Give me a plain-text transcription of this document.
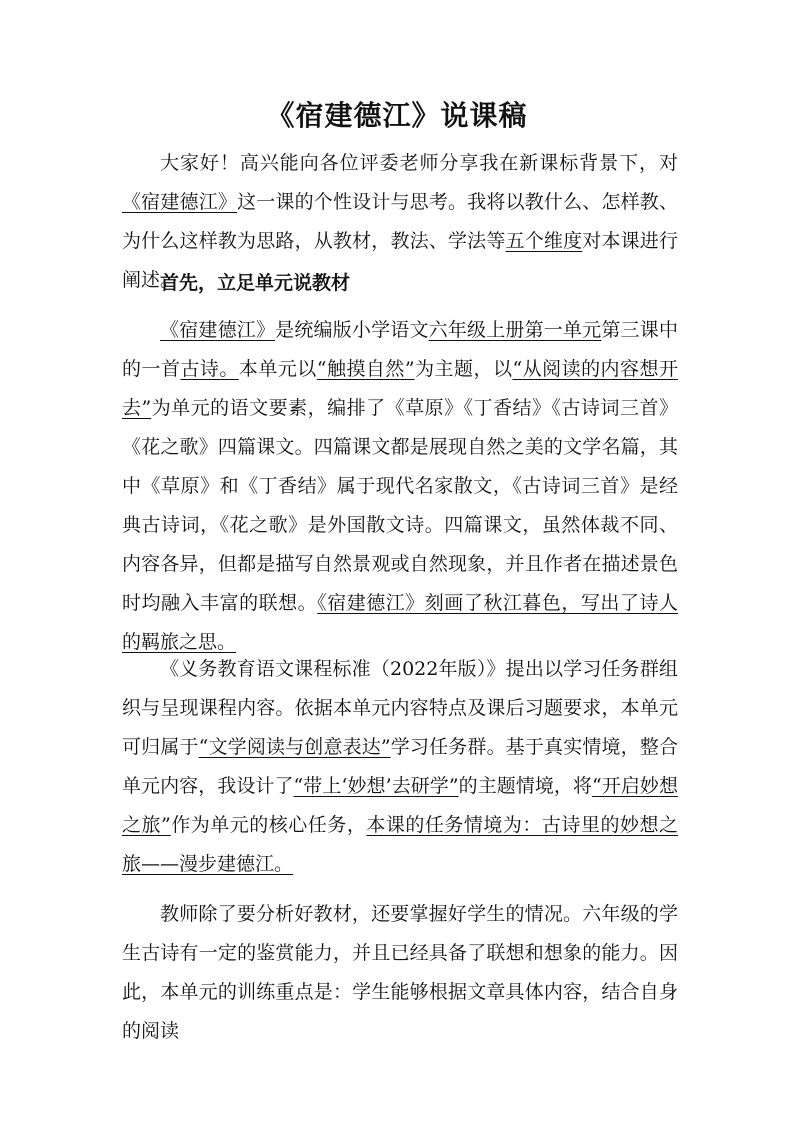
《宿建德江》说课稿

大家好！高兴能向各位评委老师分享我在新课标背景下，对《宿建德江》这一课的个性设计与思考。我将以教什么、怎样教、为什么这样教为思路，从教材，教法、学法等五个维度对本课进行阐述。

首先，立足单元说教材

《宿建德江》是统编版小学语文六年级上册第一单元第三课中的一首古诗。本单元以“触摸自然”为主题，以“从阅读的内容想开去”为单元的语文要素，编排了《草原》《丁香结》《古诗词三首》《花之歌》四篇课文。四篇课文都是展现自然之美的文学名篇，其中《草原》和《丁香结》属于现代名家散文，《古诗词三首》是经典古诗词，《花之歌》是外国散文诗。四篇课文，虽然体裁不同、内容各异，但都是描写自然景观或自然现象，并且作者在描述景色时均融入丰富的联想。《宿建德江》刻画了秋江暮色，写出了诗人的羁旅之思。

《义务教育语文课程标准（2022年版）》提出以学习任务群组织与呈现课程内容。依据本单元内容特点及课后习题要求，本单元可归属于“文学阅读与创意表达”学习任务群。基于真实情境，整合单元内容，我设计了“带上‘妙想’去研学”的主题情境，将“开启妙想之旅”作为单元的核心任务，本课的任务情境为：古诗里的妙想之旅——漫步建德江。

教师除了要分析好教材，还要掌握好学生的情况。六年级的学生古诗有一定的鉴赏能力，并且已经具备了联想和想象的能力。因此，本单元的训练重点是：学生能够根据文章具体内容，结合自身的阅读
